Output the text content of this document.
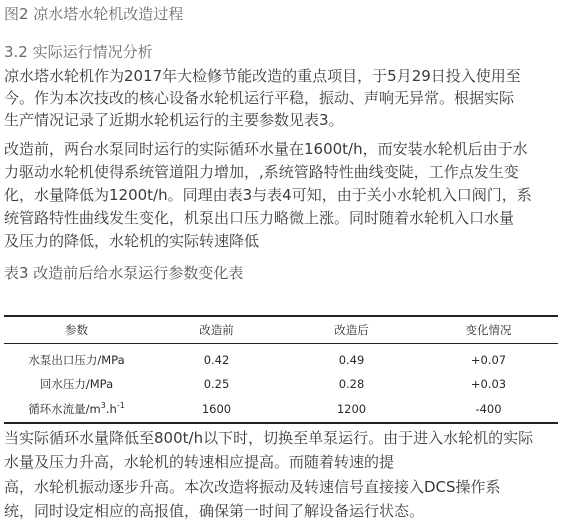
图2 凉水塔水轮机改造过程
3.2 实际运行情况分析
凉水塔水轮机作为2017年大检修节能改造的重点项目，于5月29日投入使用至
今。作为本次技改的核心设备水轮机运行平稳，振动、声响无异常。根据实际
生产情况记录了近期水轮机运行的主要参数见表3。
改造前，两台水泵同时运行的实际循环水量在1600t/h，而安装水轮机后由于水
力驱动水轮机使得系统管道阻力增加，,系统管路特性曲线变陡，工作点发生变
化，水量降低为1200t/h。同理由表3与表4可知，由于关小水轮机入口阀门，系
统管路特性曲线发生变化，机泵出口压力略微上涨。同时随着水轮机入口水量
及压力的降低，水轮机的实际转速降低
表3 改造前后给水泵运行参数变化表
参数	改造前	改造后	变化情况
水泵出口压力/MPa	0.42	0.49	+0.07
回水压力/MPa	0.25	0.28	+0.03
循环水流量$/m^3.h^{-1}$	1600	1200	-400
当实际循环水量降低至800t/h以下时，切换至单泵运行。由于进入水轮机的实际
水量及压力升高，水轮机的转速相应提高。而随着转速的提
高，水轮机振动逐步升高。本次改造将振动及转速信号直接接入DCS操作系
统，同时设定相应的高报值，确保第一时间了解设备运行状态。
